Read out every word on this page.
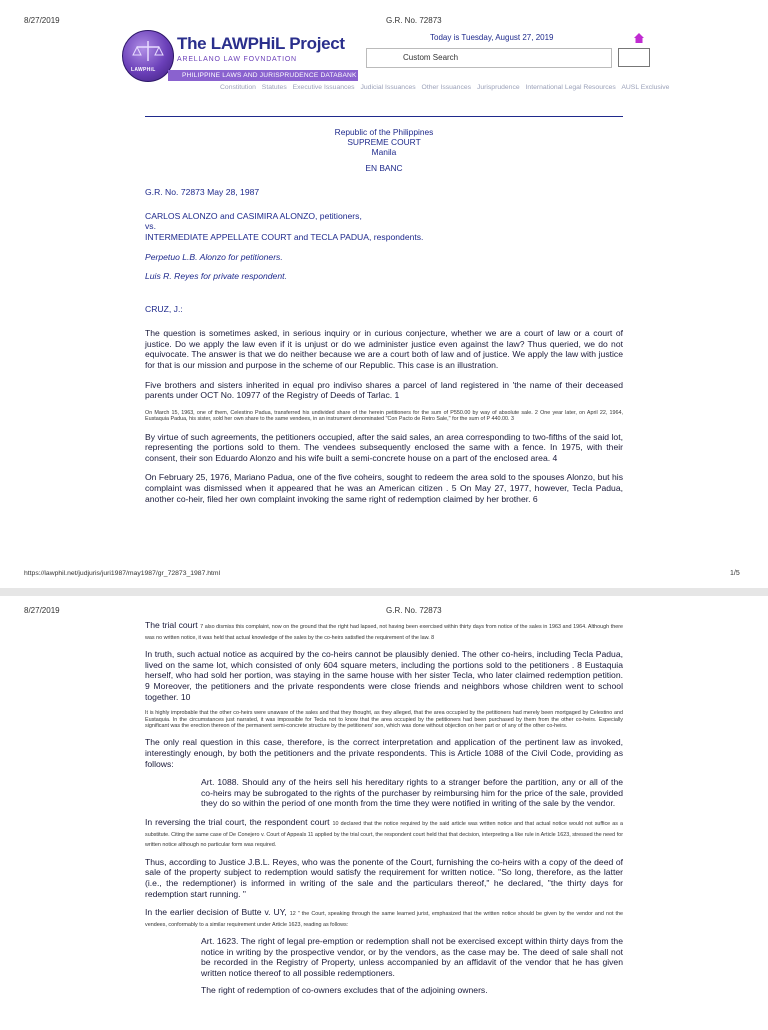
8/27/2019	G.R. No. 72873
LAWPHiL
The LAWPHiL Project
ARELLANO LAW FOVNDATION
PHILIPPINE LAWS AND JURISPRUDENCE DATABANK
Today is Tuesday, August 27, 2019
Custom Search
Constitution Statutes Executive Issuances Judicial Issuances Other Issuances Jurisprudence International Legal Resources AUSL Exclusive
Republic of the Philippines
SUPREME COURT
Manila
EN BANC

G.R. No. 72873 May 28, 1987

CARLOS ALONZO and CASIMIRA ALONZO, petitioners,

vs.

INTERMEDIATE APPELLATE COURT and TECLA PADUA, respondents.

Perpetuo L.B. Alonzo for petitioners.

Luis R. Reyes for private respondent.

CRUZ, J.:

The question is sometimes asked, in serious inquiry or in curious conjecture, whether we are a court of law or a court of justice. Do we apply the law even if it is unjust or do we administer justice even against the law? Thus queried, we do not equivocate. The answer is that we do neither because we are a court both of law and of justice. We apply the law with justice for that is our mission and purpose in the scheme of our Republic. This case is an illustration.

Five brothers and sisters inherited in equal pro indiviso shares a parcel of land registered in 'the name of their deceased parents under OCT No. 10977 of the Registry of Deeds of Tarlac. 1

On March 15, 1963, one of them, Celestino Padua, transferred his undivided share of the herein petitioners for the sum of P550.00 by way of absolute sale. 2 One year later, on April 22, 1964, Eustaquia Padua, his sister, sold her own share to the same vendees, in an instrument denominated "Con Pacto de Retro Sale," for the sum of P 440.00. 3

By virtue of such agreements, the petitioners occupied, after the said sales, an area corresponding to two-fifths of the said lot, representing the portions sold to them. The vendees subsequently enclosed the same with a fence. In 1975, with their consent, their son Eduardo Alonzo and his wife built a semi-concrete house on a part of the enclosed area. 4

On February 25, 1976, Mariano Padua, one of the five coheirs, sought to redeem the area sold to the spouses Alonzo, but his complaint was dismissed when it appeared that he was an American citizen . 5 On May 27, 1977, however, Tecla Padua, another co-heir, filed her own complaint invoking the same right of redemption claimed by her brother. 6

https://lawphil.net/judjuris/juri1987/may1987/gr_72873_1987.html	1/5
8/27/2019	G.R. No. 72873

The trial court 7 also dismiss this complaint, now on the ground that the right had lapsed, not having been exercised within thirty days from notice of the sales in 1963 and 1964. Although there was no written notice, it was held that actual knowledge of the sales by the co-heirs satisfied the requirement of the law. 8

In truth, such actual notice as acquired by the co-heirs cannot be plausibly denied. The other co-heirs, including Tecla Padua, lived on the same lot, which consisted of only 604 square meters, including the portions sold to the petitioners . 8 Eustaquia herself, who had sold her portion, was staying in the same house with her sister Tecla, who later claimed redemption petition. 9 Moreover, the petitioners and the private respondents were close friends and neighbors whose children went to school together. 10

It is highly improbable that the other co-heirs were unaware of the sales and that they thought, as they alleged, that the area occupied by the petitioners had merely been mortgaged by Celestino and Eustaquia. In the circumstances just narrated, it was impossible for Tecla not to know that the area occupied by the petitioners had been purchased by them from the other co-heirs. Especially significant was the erection thereon of the permanent semi-concrete structure by the petitioners' son, which was done without objection on her part or of any of the other co-heirs.

The only real question in this case, therefore, is the correct interpretation and application of the pertinent law as invoked, interestingly enough, by both the petitioners and the private respondents. This is Article 1088 of the Civil Code, providing as follows:

Art. 1088. Should any of the heirs sell his hereditary rights to a stranger before the partition, any or all of the co-heirs may be subrogated to the rights of the purchaser by reimbursing him for the price of the sale, provided they do so within the period of one month from the time they were notified in writing of the sale by the vendor.

In reversing the trial court, the respondent court 10 declared that the notice required by the said article was written notice and that actual notice would not suffice as a substitute. Citing the same case of De Conejero v. Court of Appeals 11 applied by the trial court, the respondent court held that that decision, interpreting a like rule in Article 1623, stressed the need for written notice although no particular form was required.

Thus, according to Justice J.B.L. Reyes, who was the ponente of the Court, furnishing the co-heirs with a copy of the deed of sale of the property subject to redemption would satisfy the requirement for written notice. "So long, therefore, as the latter (i.e., the redemptioner) is informed in writing of the sale and the particulars thereof," he declared, "the thirty days for redemption start running. "

In the earlier decision of Butte v. UY, 12 " the Court, speaking through the same learned jurist, emphasized that the written notice should be given by the vendor and not the vendees, conformably to a similar requirement under Article 1623, reading as follows:

Art. 1623. The right of legal pre-emption or redemption shall not be exercised except within thirty days from the notice in writing by the prospective vendor, or by the vendors, as the case may be. The deed of sale shall not be recorded in the Registry of Property, unless accompanied by an affidavit of the vendor that he has given written notice thereof to all possible redemptioners.

The right of redemption of co-owners excludes that of the adjoining owners.
